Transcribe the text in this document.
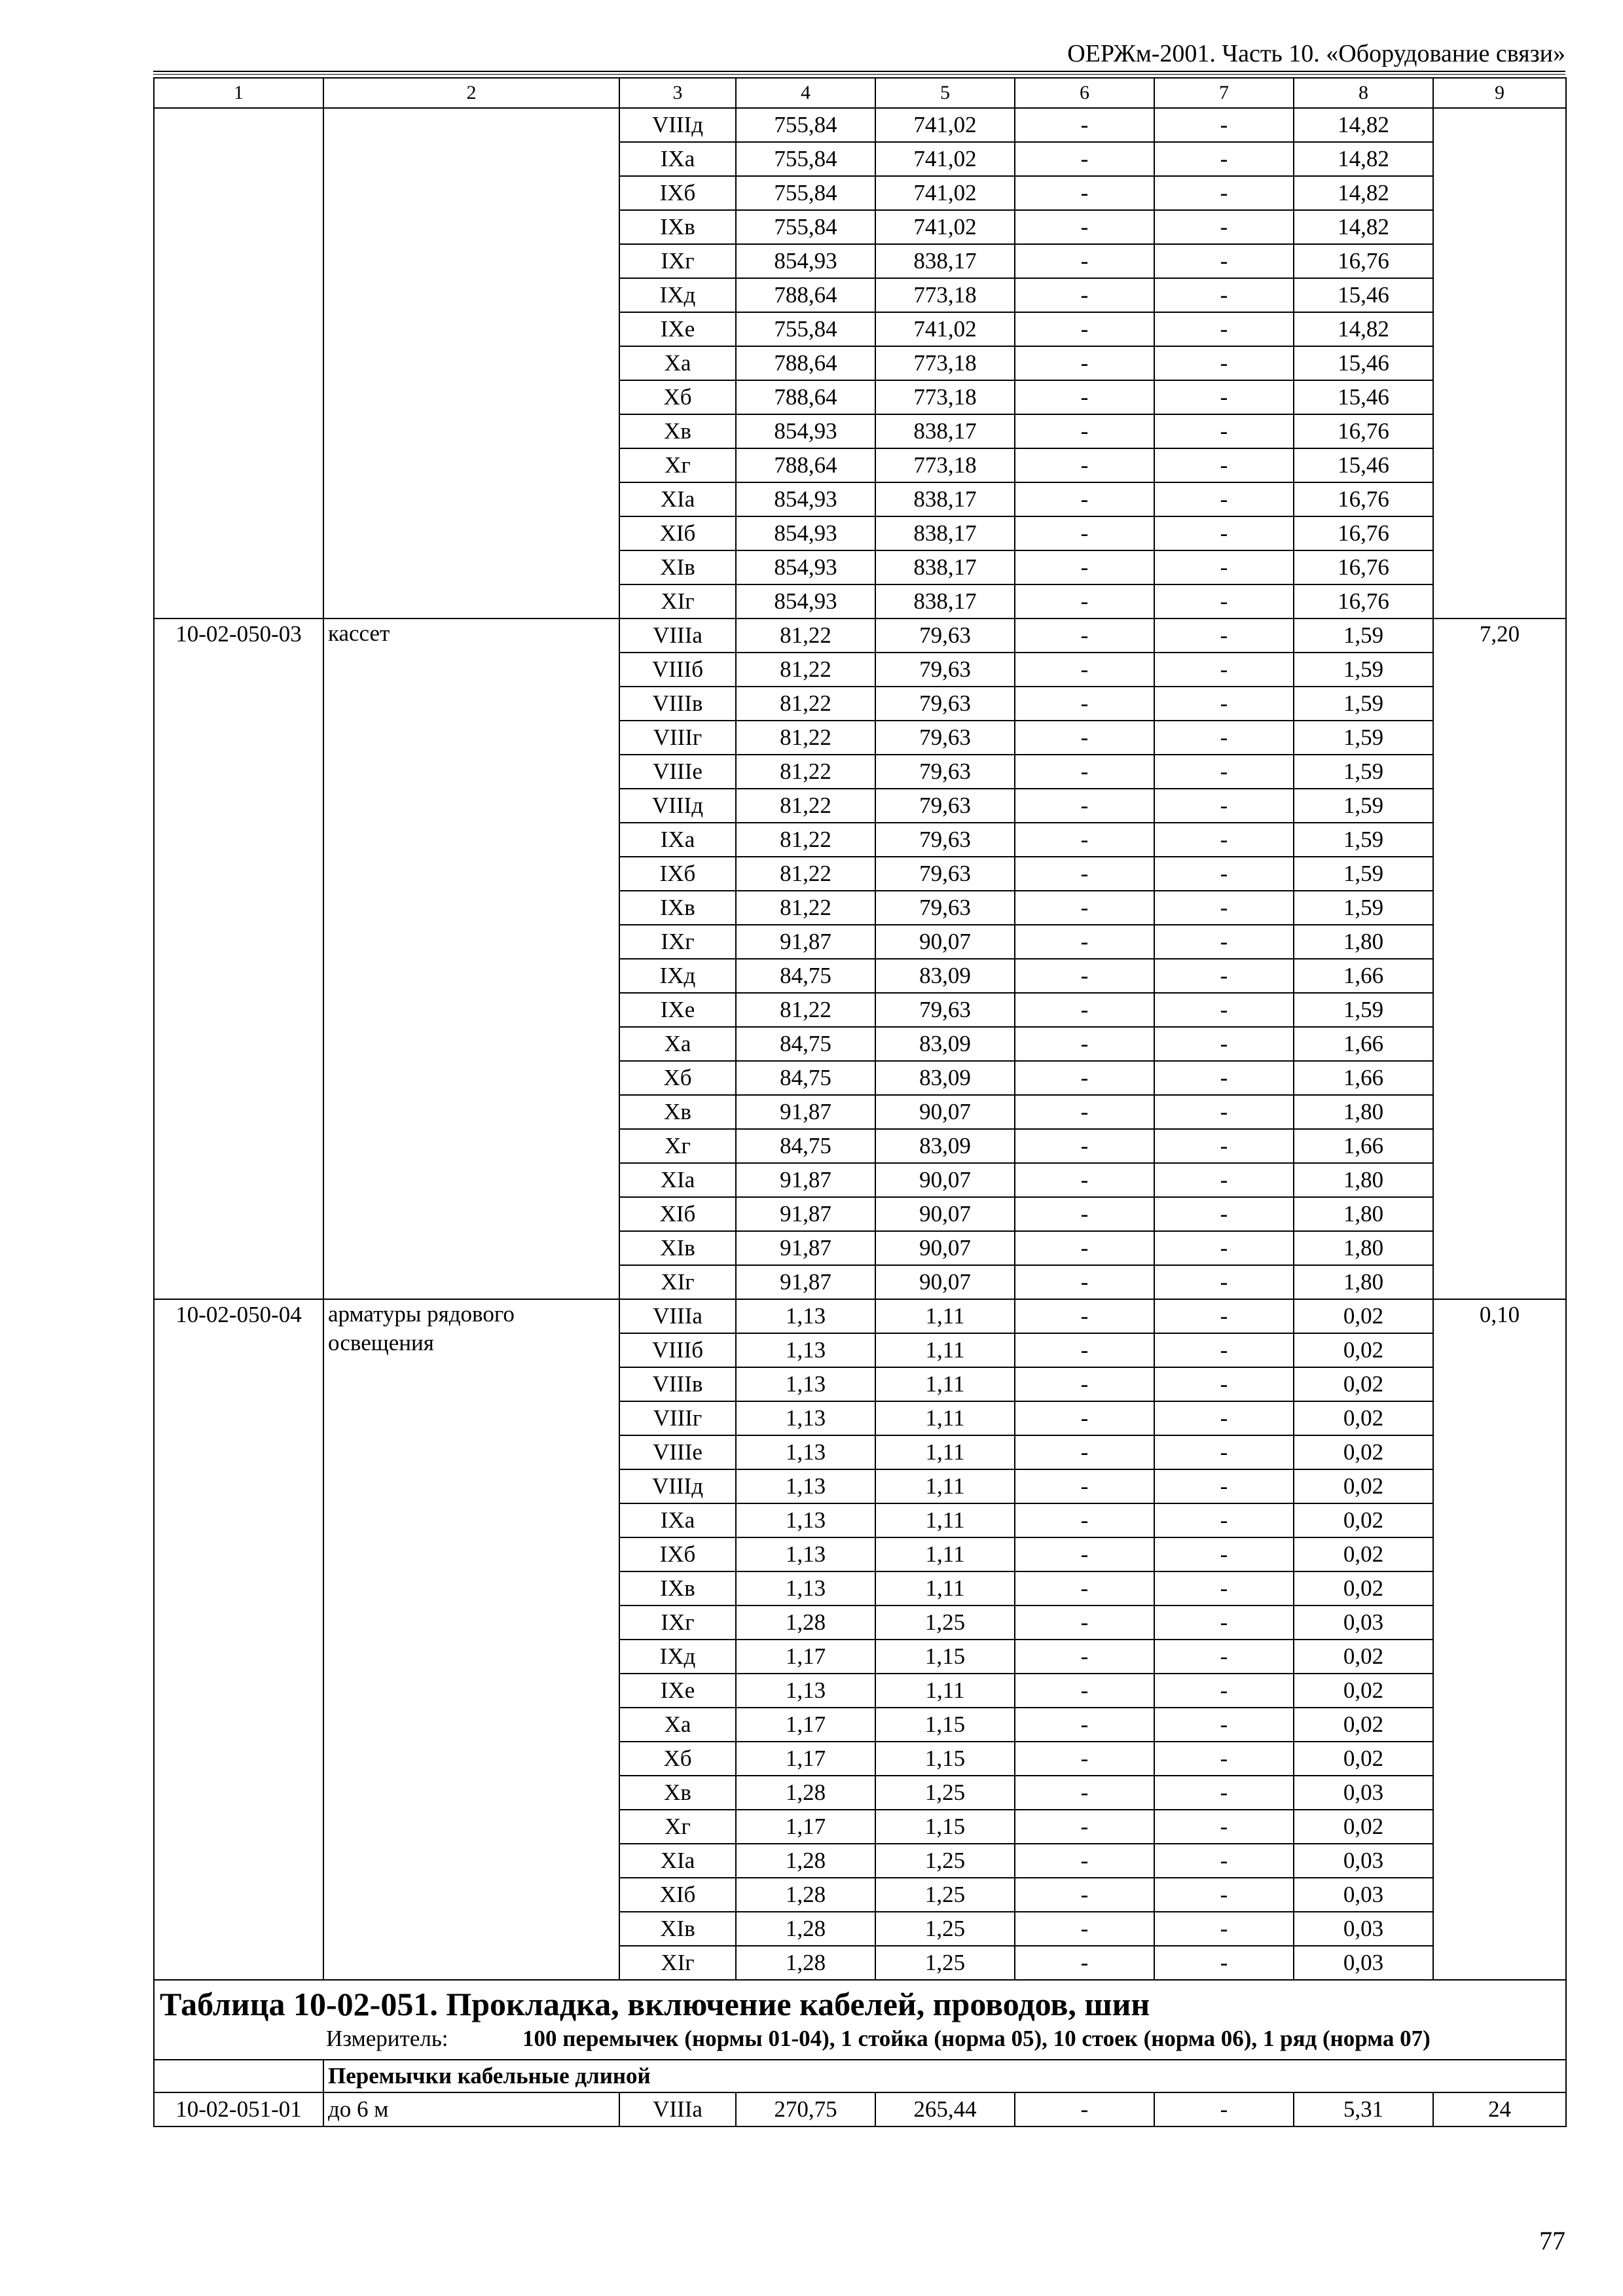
ОЕРЖм-2001. Часть 10. «Оборудование связи»
1	2	3	4	5	6	7	8	9
		VIIIд	755,84	741,02	-	-	14,82	
		IXa	755,84	741,02	-	-	14,82	
		IXб	755,84	741,02	-	-	14,82	
		IXв	755,84	741,02	-	-	14,82	
		IXг	854,93	838,17	-	-	16,76	
		IXд	788,64	773,18	-	-	15,46	
		IXе	755,84	741,02	-	-	14,82	
		Xa	788,64	773,18	-	-	15,46	
		Xб	788,64	773,18	-	-	15,46	
		Xв	854,93	838,17	-	-	16,76	
		Xг	788,64	773,18	-	-	15,46	
		XIa	854,93	838,17	-	-	16,76	
		XIб	854,93	838,17	-	-	16,76	
		XIв	854,93	838,17	-	-	16,76	
		XIг	854,93	838,17	-	-	16,76	
10-02-050-03	кассет	VIIIa	81,22	79,63	-	-	1,59	7,20
		VIIIб	81,22	79,63	-	-	1,59	
		VIIIв	81,22	79,63	-	-	1,59	
		VIIIг	81,22	79,63	-	-	1,59	
		VIIIе	81,22	79,63	-	-	1,59	
		VIIIд	81,22	79,63	-	-	1,59	
		IXa	81,22	79,63	-	-	1,59	
		IXб	81,22	79,63	-	-	1,59	
		IXв	81,22	79,63	-	-	1,59	
		IXг	91,87	90,07	-	-	1,80	
		IXд	84,75	83,09	-	-	1,66	
		IXе	81,22	79,63	-	-	1,59	
		Xa	84,75	83,09	-	-	1,66	
		Xб	84,75	83,09	-	-	1,66	
		Xв	91,87	90,07	-	-	1,80	
		Xг	84,75	83,09	-	-	1,66	
		XIa	91,87	90,07	-	-	1,80	
		XIб	91,87	90,07	-	-	1,80	
		XIв	91,87	90,07	-	-	1,80	
		XIг	91,87	90,07	-	-	1,80	
10-02-050-04	арматуры рядового освещения	VIIIa	1,13	1,11	-	-	0,02	0,10
		VIIIб	1,13	1,11	-	-	0,02	
		VIIIв	1,13	1,11	-	-	0,02	
		VIIIг	1,13	1,11	-	-	0,02	
		VIIIе	1,13	1,11	-	-	0,02	
		VIIIд	1,13	1,11	-	-	0,02	
		IXa	1,13	1,11	-	-	0,02	
		IXб	1,13	1,11	-	-	0,02	
		IXв	1,13	1,11	-	-	0,02	
		IXг	1,28	1,25	-	-	0,03	
		IXд	1,17	1,15	-	-	0,02	
		IXе	1,13	1,11	-	-	0,02	
		Xa	1,17	1,15	-	-	0,02	
		Xб	1,17	1,15	-	-	0,02	
		Xв	1,28	1,25	-	-	0,03	
		Xг	1,17	1,15	-	-	0,02	
		XIa	1,28	1,25	-	-	0,03	
		XIб	1,28	1,25	-	-	0,03	
		XIв	1,28	1,25	-	-	0,03	
		XIг	1,28	1,25	-	-	0,03	

Таблица 10-02-051. Прокладка, включение кабелей, проводов, шин
Измеритель: 100 перемычек (нормы 01-04), 1 стойка (норма 05), 10 стоек (норма 06), 1 ряд (норма 07)								

	Перемычки кабельные длиной							
10-02-051-01	до 6 м	VIIIa	270,75	265,44	-	-	5,31	24
77
